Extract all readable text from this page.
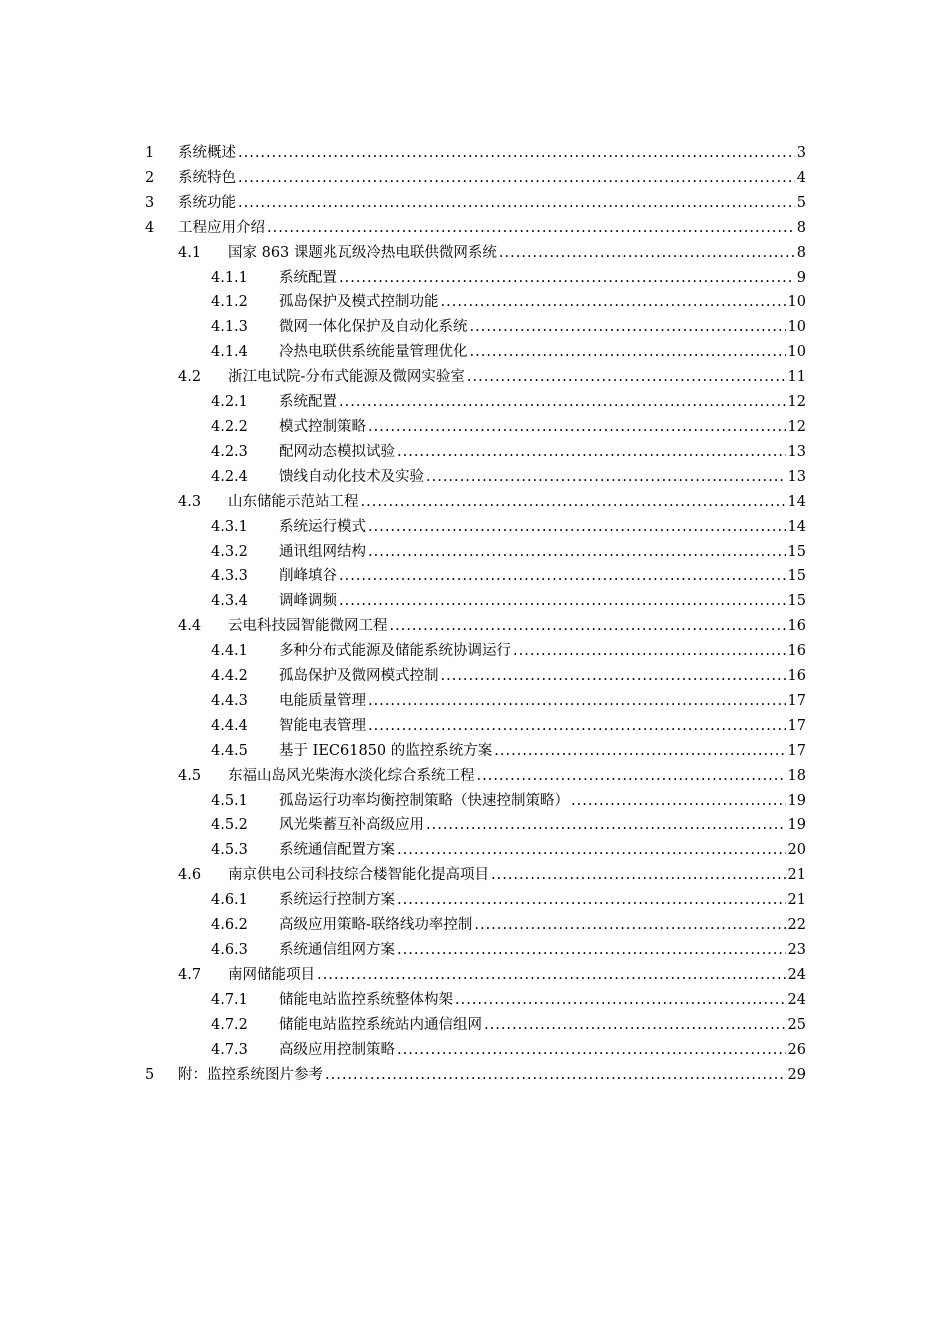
1 系统概述 .....	3
2 系统特色 .....	4
3 系统功能 .....	5
4 工程应用介绍 .....	8
4.1 国家 863 课题兆瓦级冷热电联供微网系统 .....	8
4.1.1 系统配置 .....	9
4.1.2 孤岛保护及模式控制功能 .....	10
4.1.3 微网一体化保护及自动化系统 .....	10
4.1.4 冷热电联供系统能量管理优化 .....	10
4.2 浙江电试院-分布式能源及微网实验室 .....	11
4.2.1 系统配置 .....	12
4.2.2 模式控制策略 .....	12
4.2.3 配网动态模拟试验 .....	13
4.2.4 馈线自动化技术及实验 .....	13
4.3 山东储能示范站工程 .....	14
4.3.1 系统运行模式 .....	14
4.3.2 通讯组网结构 .....	15
4.3.3 削峰填谷 .....	15
4.3.4 调峰调频 .....	15
4.4 云电科技园智能微网工程 .....	16
4.4.1 多种分布式能源及储能系统协调运行 .....	16
4.4.2 孤岛保护及微网模式控制 .....	16
4.4.3 电能质量管理 .....	17
4.4.4 智能电表管理 .....	17
4.4.5 基于 IEC61850 的监控系统方案 .....	17
4.5 东福山岛风光柴海水淡化综合系统工程 .....	18
4.5.1 孤岛运行功率均衡控制策略（快速控制策略） .....	19
4.5.2 风光柴蓄互补高级应用 .....	19
4.5.3 系统通信配置方案 .....	20
4.6 南京供电公司科技综合楼智能化提高项目 .....	21
4.6.1 系统运行控制方案 .....	21
4.6.2 高级应用策略-联络线功率控制 .....	22
4.6.3 系统通信组网方案 .....	23
4.7 南网储能项目 .....	24
4.7.1 储能电站监控系统整体构架 .....	24
4.7.2 储能电站监控系统站内通信组网 .....	25
4.7.3 高级应用控制策略 .....	26
5 附：监控系统图片参考 .....	29
